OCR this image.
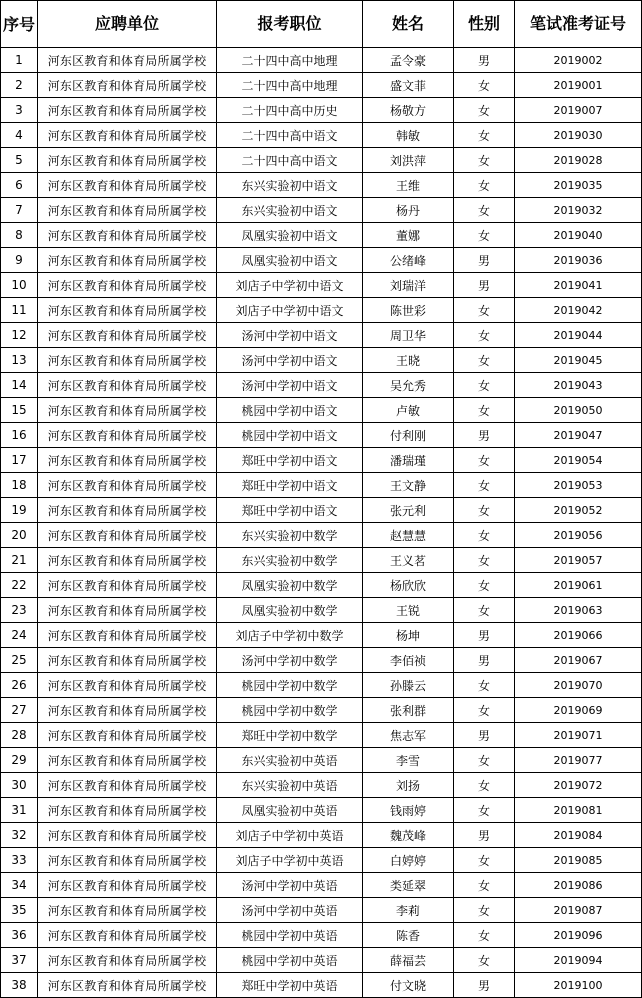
序号	应聘单位	报考职位	姓名	性别	笔试准考证号
1	河东区教育和体育局所属学校	二十四中高中地理	孟令豪	男	2019002
2	河东区教育和体育局所属学校	二十四中高中地理	盛文菲	女	2019001
3	河东区教育和体育局所属学校	二十四中高中历史	杨敬方	女	2019007
4	河东区教育和体育局所属学校	二十四中高中语文	韩敏	女	2019030
5	河东区教育和体育局所属学校	二十四中高中语文	刘洪萍	女	2019028
6	河东区教育和体育局所属学校	东兴实验初中语文	王维	女	2019035
7	河东区教育和体育局所属学校	东兴实验初中语文	杨丹	女	2019032
8	河东区教育和体育局所属学校	凤凰实验初中语文	董娜	女	2019040
9	河东区教育和体育局所属学校	凤凰实验初中语文	公绪峰	男	2019036
10	河东区教育和体育局所属学校	刘店子中学初中语文	刘瑞洋	男	2019041
11	河东区教育和体育局所属学校	刘店子中学初中语文	陈世彩	女	2019042
12	河东区教育和体育局所属学校	汤河中学初中语文	周卫华	女	2019044
13	河东区教育和体育局所属学校	汤河中学初中语文	王晓	女	2019045
14	河东区教育和体育局所属学校	汤河中学初中语文	吴允秀	女	2019043
15	河东区教育和体育局所属学校	桃园中学初中语文	卢敏	女	2019050
16	河东区教育和体育局所属学校	桃园中学初中语文	付利刚	男	2019047
17	河东区教育和体育局所属学校	郑旺中学初中语文	潘瑞瑾	女	2019054
18	河东区教育和体育局所属学校	郑旺中学初中语文	王文静	女	2019053
19	河东区教育和体育局所属学校	郑旺中学初中语文	张元利	女	2019052
20	河东区教育和体育局所属学校	东兴实验初中数学	赵慧慧	女	2019056
21	河东区教育和体育局所属学校	东兴实验初中数学	王义茗	女	2019057
22	河东区教育和体育局所属学校	凤凰实验初中数学	杨欣欣	女	2019061
23	河东区教育和体育局所属学校	凤凰实验初中数学	王锐	女	2019063
24	河东区教育和体育局所属学校	刘店子中学初中数学	杨坤	男	2019066
25	河东区教育和体育局所属学校	汤河中学初中数学	李佰祯	男	2019067
26	河东区教育和体育局所属学校	桃园中学初中数学	孙滕云	女	2019070
27	河东区教育和体育局所属学校	桃园中学初中数学	张利群	女	2019069
28	河东区教育和体育局所属学校	郑旺中学初中数学	焦志军	男	2019071
29	河东区教育和体育局所属学校	东兴实验初中英语	李雪	女	2019077
30	河东区教育和体育局所属学校	东兴实验初中英语	刘扬	女	2019072
31	河东区教育和体育局所属学校	凤凰实验初中英语	钱雨婷	女	2019081
32	河东区教育和体育局所属学校	刘店子中学初中英语	魏茂峰	男	2019084
33	河东区教育和体育局所属学校	刘店子中学初中英语	白婷婷	女	2019085
34	河东区教育和体育局所属学校	汤河中学初中英语	类延翠	女	2019086
35	河东区教育和体育局所属学校	汤河中学初中英语	李莉	女	2019087
36	河东区教育和体育局所属学校	桃园中学初中英语	陈香	女	2019096
37	河东区教育和体育局所属学校	桃园中学初中英语	薛福芸	女	2019094
38	河东区教育和体育局所属学校	郑旺中学初中英语	付文晓	男	2019100
